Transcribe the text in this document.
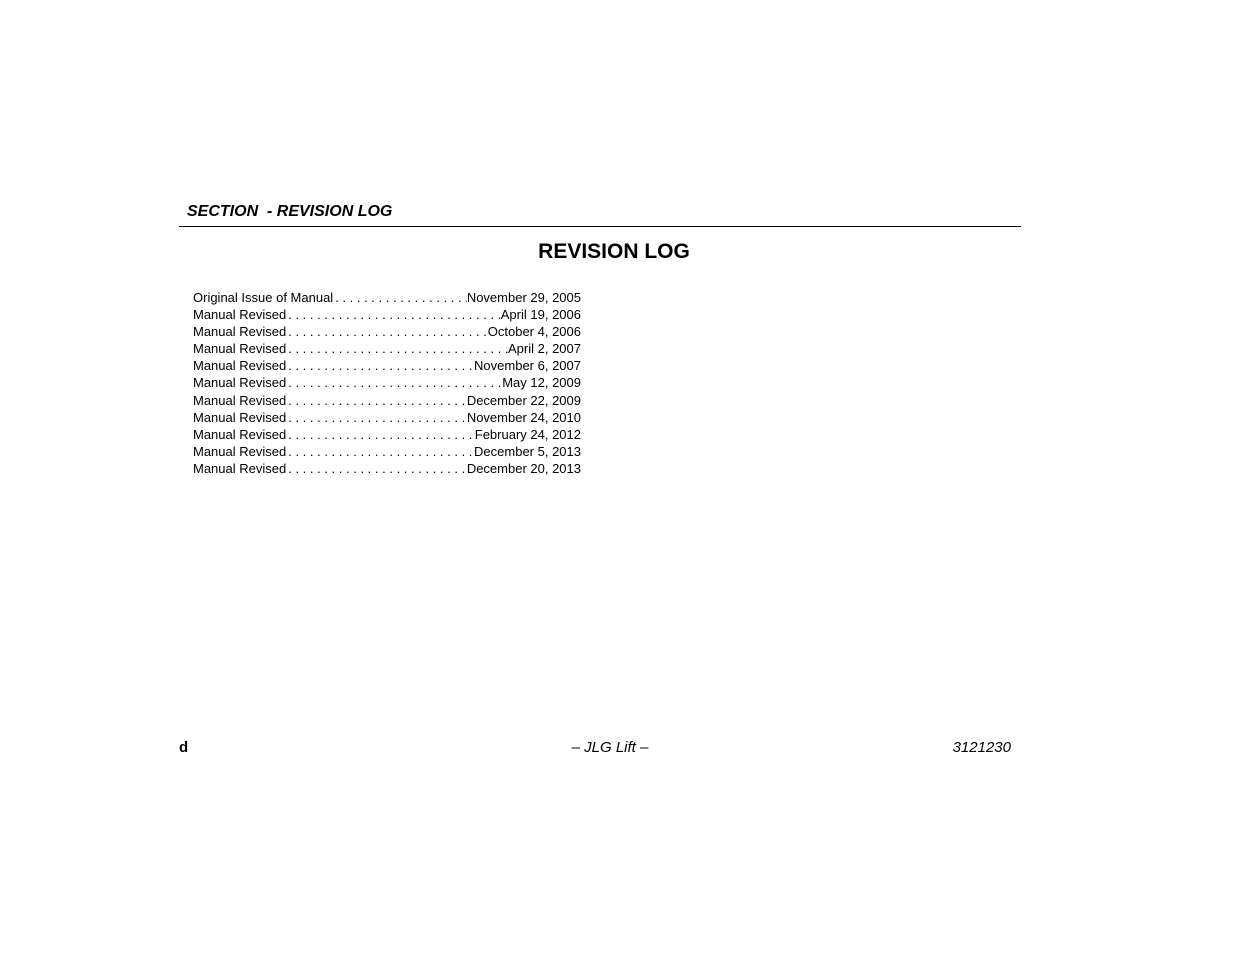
SECTION  - REVISION LOG
REVISION LOG
Original Issue of Manual . . .	November 29, 2005
Manual Revised . . .	April 19, 2006
Manual Revised . . .	October 4, 2006
Manual Revised . . .	April 2, 2007
Manual Revised . . .	November 6, 2007
Manual Revised . . .	May 12, 2009
Manual Revised . . .	December 22, 2009
Manual Revised . . .	November 24, 2010
Manual Revised . . .	February 24, 2012
Manual Revised . . .	December 5, 2013
Manual Revised . . .	December 20, 2013
d	– JLG Lift –	3121230
